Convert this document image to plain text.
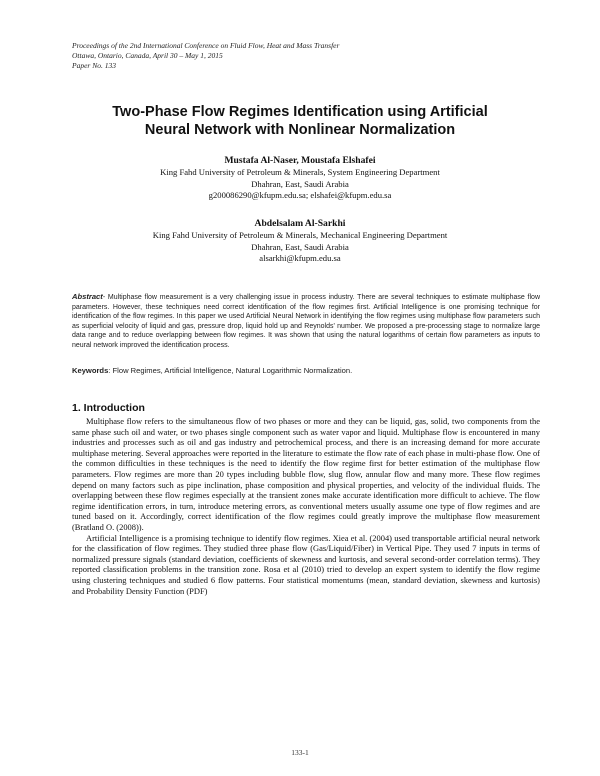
Proceedings of the 2nd International Conference on Fluid Flow, Heat and Mass Transfer
Ottawa, Ontario, Canada, April 30 – May 1, 2015
Paper No. 133
Two-Phase Flow Regimes Identification using Artificial
Neural Network with Nonlinear Normalization
Mustafa Al-Naser, Moustafa Elshafei
King Fahd University of Petroleum & Minerals, System Engineering Department
Dhahran, East, Saudi Arabia
g200086290@kfupm.edu.sa; elshafei@kfupm.edu.sa
Abdelsalam Al-Sarkhi
King Fahd University of Petroleum & Minerals, Mechanical Engineering Department
Dhahran, East, Saudi Arabia
alsarkhi@kfupm.edu.sa
Abstract- Multiphase flow measurement is a very challenging issue in process industry. There are several techniques to estimate multiphase flow parameters. However, these techniques need correct identification of the flow regimes first. Artificial Intelligence is one promising technique for identification of the flow regimes. In this paper we used Artificial Neural Network in identifying the flow regimes using multiphase flow parameters such as superficial velocity of liquid and gas, pressure drop, liquid hold up and Reynolds' number. We proposed a pre-processing stage to normalize large data range and to reduce overlapping between flow regimes. It was shown that using the natural logarithms of certain flow parameters as inputs to neural network improved the identification process.
Keywords: Flow Regimes, Artificial Intelligence, Natural Logarithmic Normalization.
1. Introduction

Multiphase flow refers to the simultaneous flow of two phases or more and they can be liquid, gas, solid, two components from the same phase such oil and water, or two phases single component such as water vapor and liquid. Multiphase flow is encountered in many industries and processes such as oil and gas industry and petrochemical process, and there is an increasing demand for more accurate multiphase metering. Several approaches were reported in the literature to estimate the flow rate of each phase in multi-phase flow. One of the common difficulties in these techniques is the need to identify the flow regime first for better estimation of the multiphase flow parameters. Flow regimes are more than 20 types including bubble flow, slug flow, annular flow and many more. These flow regimes depend on many factors such as pipe inclination, phase composition and physical properties, and velocity of the individual fluids. The overlapping between these flow regimes especially at the transient zones make accurate identification more difficult to achieve. The flow regime identification errors, in turn, introduce metering errors, as conventional meters usually assume one type of flow regimes and are tuned based on it. Accordingly, correct identification of the flow regimes could greatly improve the multiphase flow measurement (Bratland O. (2008)).

Artificial Intelligence is a promising technique to identify flow regimes. Xiea et al. (2004) used transportable artificial neural network for the classification of flow regimes. They studied three phase flow (Gas/Liquid/Fiber) in Vertical Pipe. They used 7 inputs in terms of normalized pressure signals (standard deviation, coefficients of skewness and kurtosis, and several second-order correlation terms). They reported classification problems in the transition zone. Rosa et al (2010) tried to develop an expert system to identify the flow regime using clustering techniques and studied 6 flow patterns. Four statistical momentums (mean, standard deviation, skewness and kurtosis) and Probability Density Function (PDF)

133-1
